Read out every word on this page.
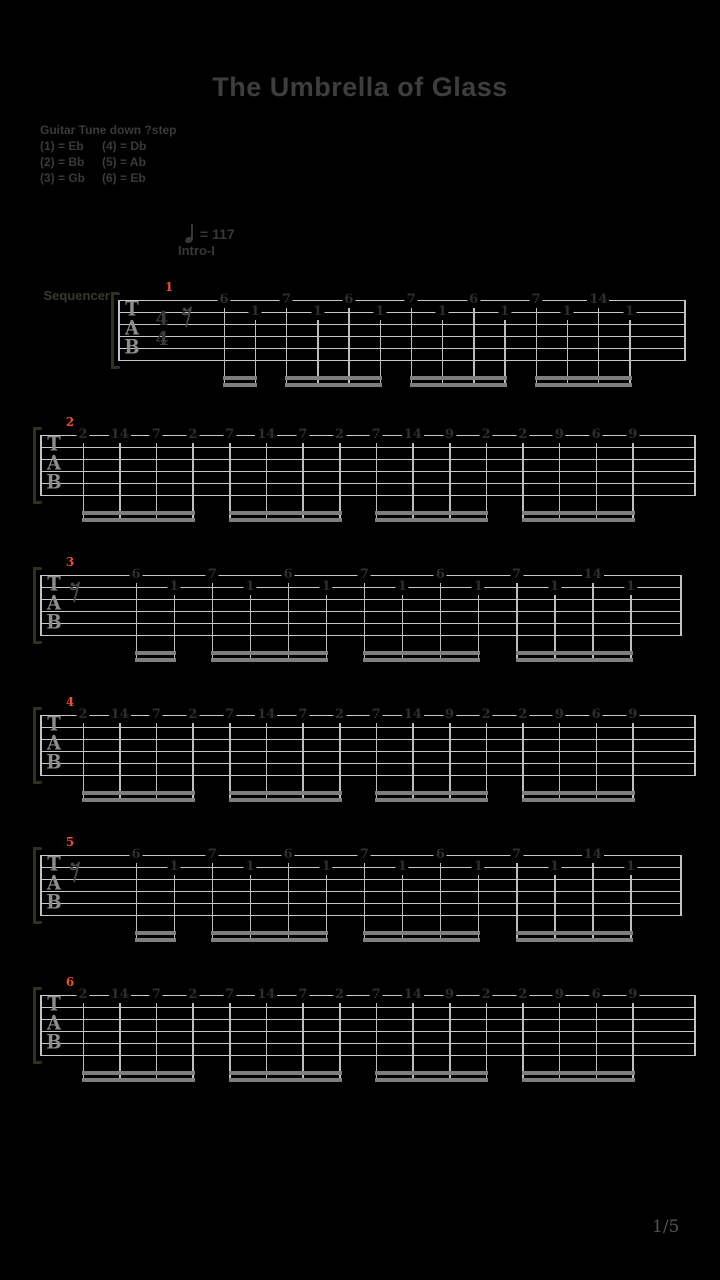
The Umbrella of Glass
Guitar Tune down ?step
(1) = Eb (4) = Db
(2) = Bb (5) = Ab
(3) = Gb (6) = Eb
= 117
Intro-I
Sequencer
1
T
A
B
4
4
6
1
7
1
6
1
7
1
6
1
7
1
14
1
2
T
A
B
2 14 7 2 7 14 7 2 7 14 9 2 2 9 6 9
3
T
A
B
6
1
7
1
6
1
7
1
6
1
7
1
14
1
4
T
A
B
2 14 7 2 7 14 7 2 7 14 9 2 2 9 6 9
5
T
A
B
6
1
7
1
6
1
7
1
6
1
7
1
14
1
6
T
A
B
2 14 7 2 7 14 7 2 7 14 9 2 2 9 6 9
1/5
